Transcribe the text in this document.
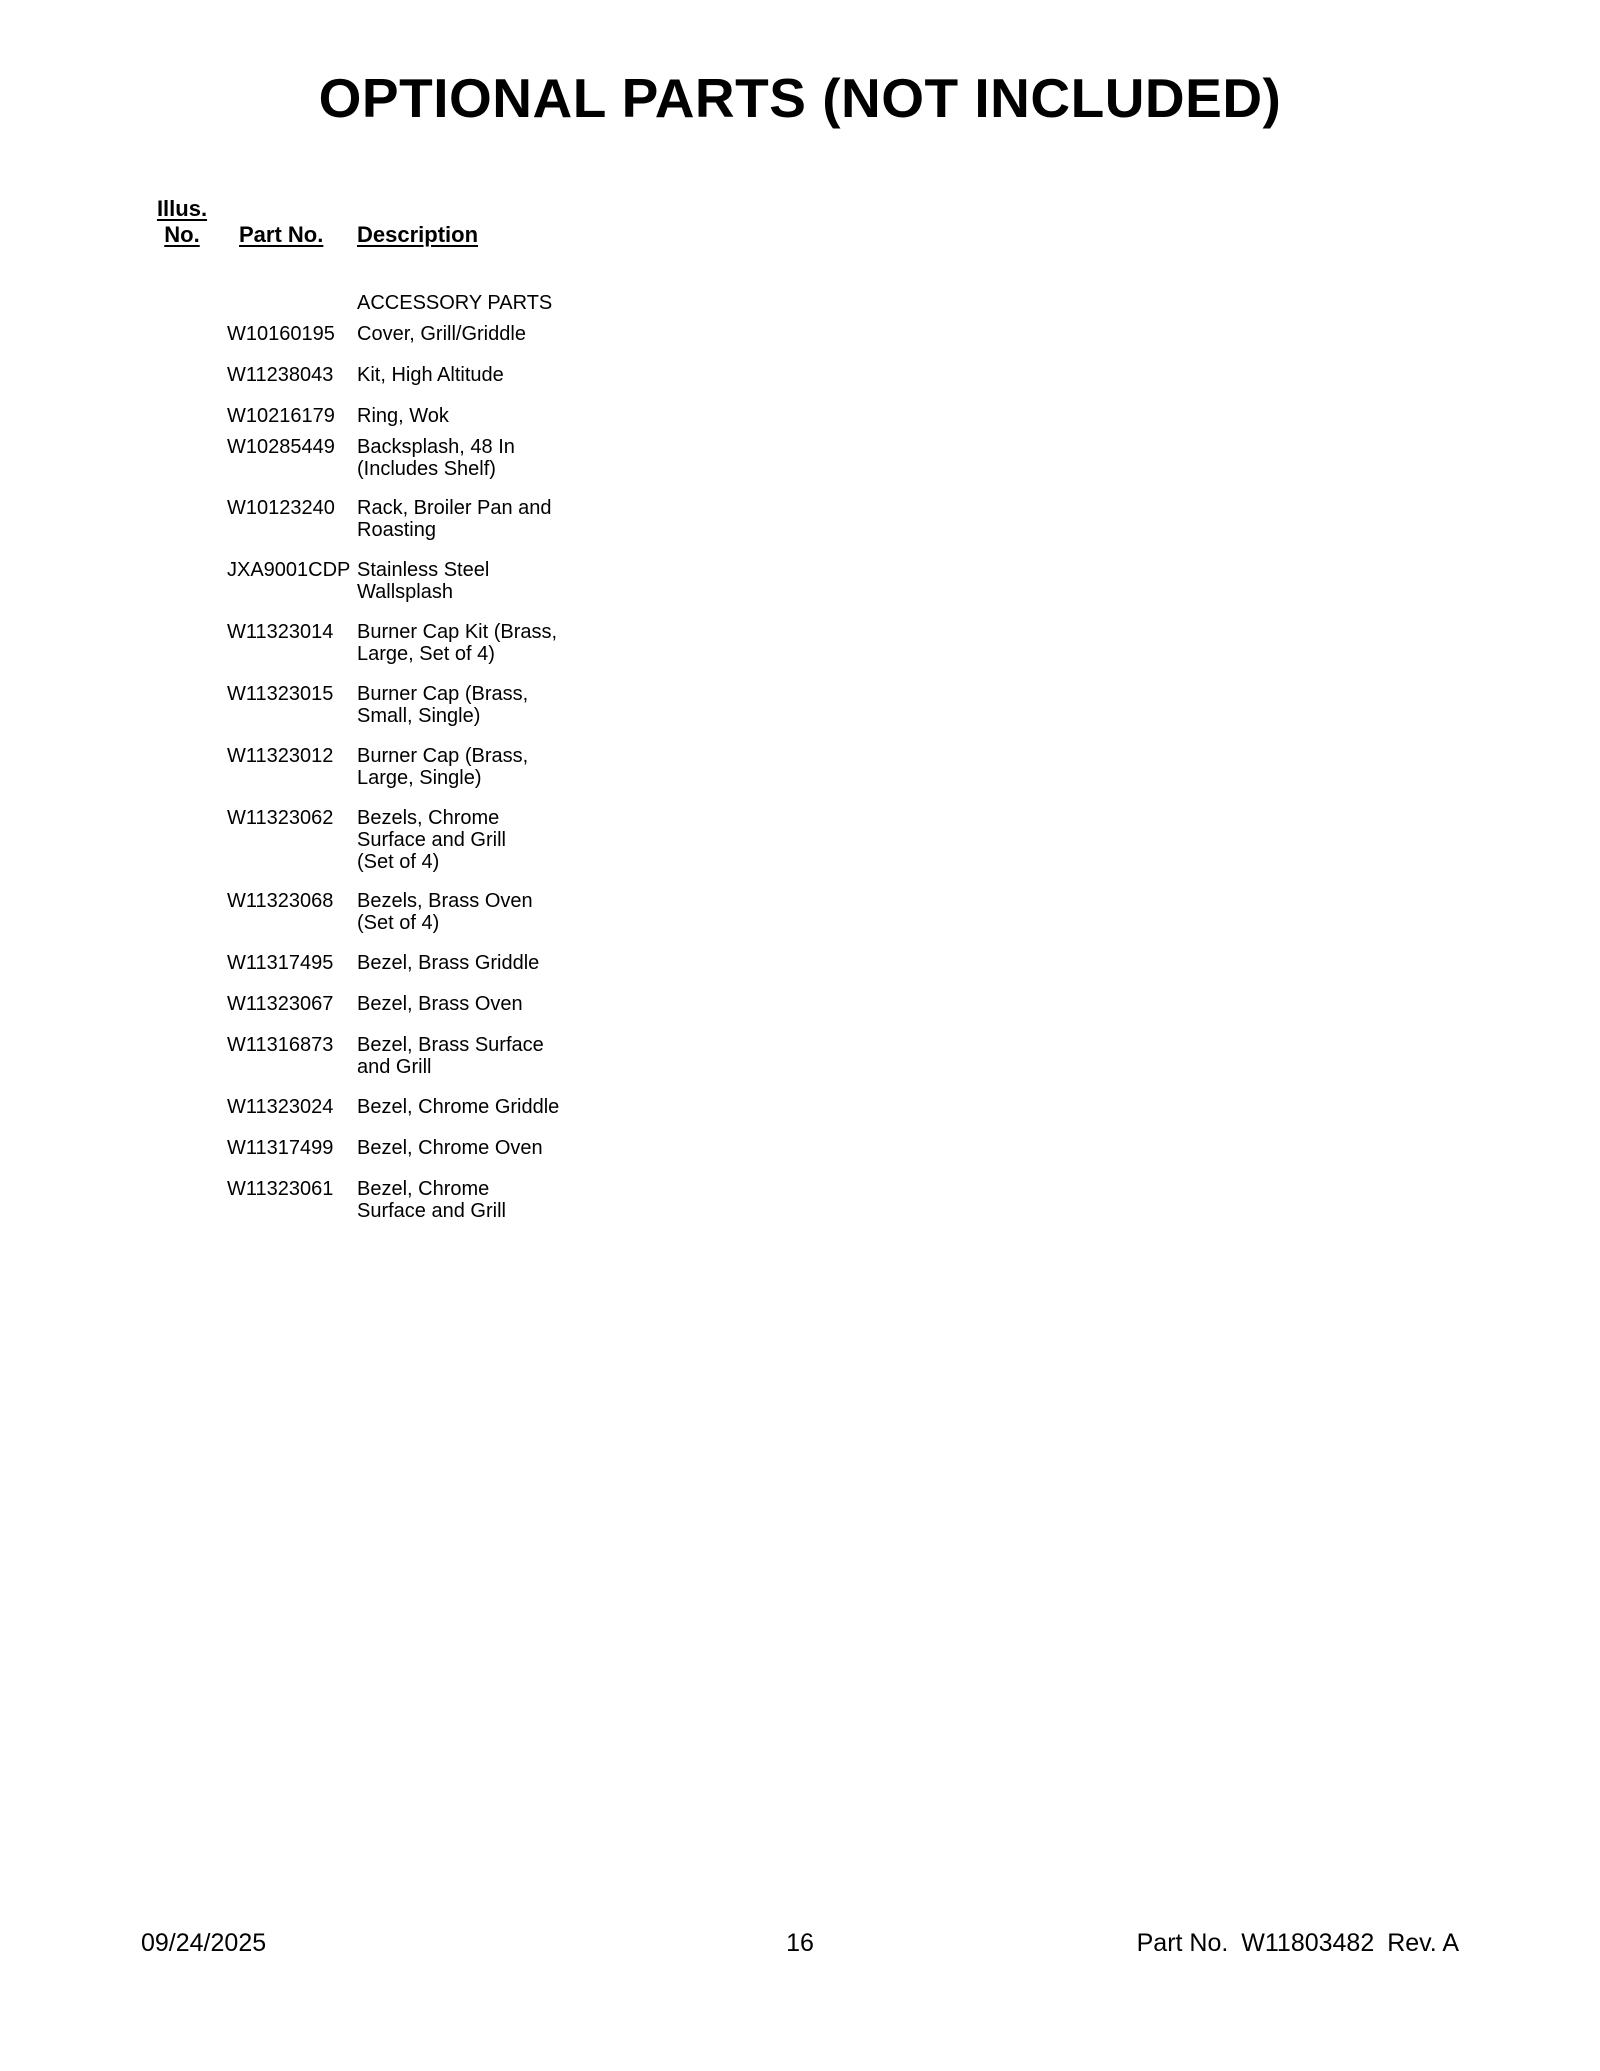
OPTIONAL PARTS (NOT INCLUDED)
Illus.
No.	Part No. Description
ACCESSORY PARTS
W10160195 Cover, Grill/Griddle
W11238043 Kit, High Altitude
W10216179 Ring, Wok
W10285449 Backsplash, 48 In
(Includes Shelf)
W10123240 Rack, Broiler Pan and
Roasting
JXA9001CDP Stainless Steel
Wallsplash
W11323014 Burner Cap Kit (Brass,
Large, Set of 4)
W11323015 Burner Cap (Brass,
Small, Single)
W11323012 Burner Cap (Brass,
Large, Single)
W11323062 Bezels, Chrome
Surface and Grill
(Set of 4)
W11323068 Bezels, Brass Oven
(Set of 4)
W11317495 Bezel, Brass Griddle
W11323067 Bezel, Brass Oven
W11316873 Bezel, Brass Surface
and Grill
W11323024 Bezel, Chrome Griddle
W11317499 Bezel, Chrome Oven
W11323061 Bezel, Chrome
Surface and Grill
09/24/2025	16	Part No. W11803482 Rev. A
